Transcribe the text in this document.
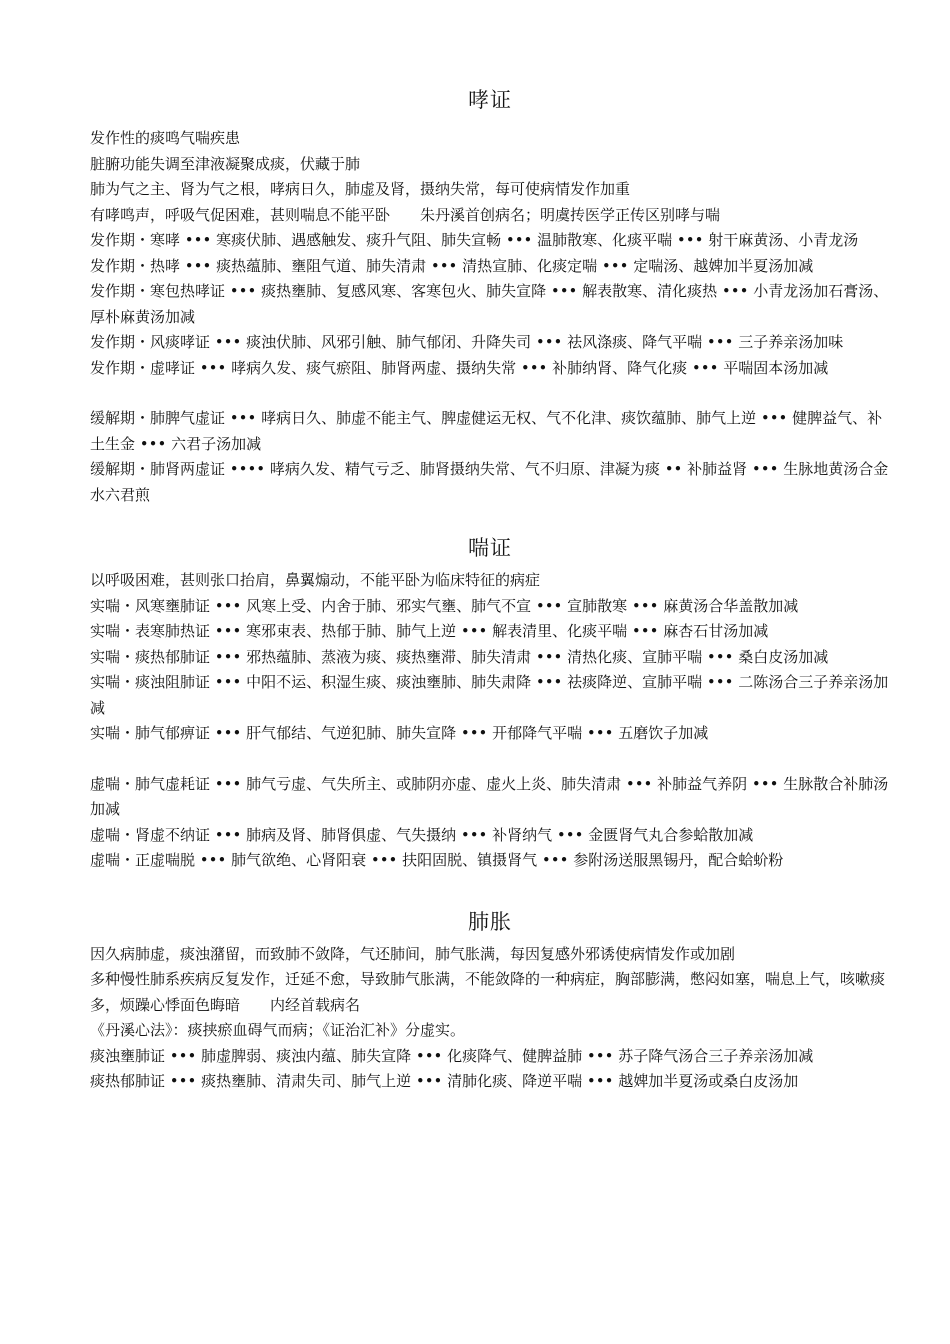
哮证

发作性的痰鸣气喘疾患

脏腑功能失调至津液凝聚成痰，伏藏于肺

肺为气之主、肾为气之根，哮病日久，肺虚及肾，摄纳失常，每可使病情发作加重

有哮鸣声，呼吸气促困难，甚则喘息不能平卧　　朱丹溪首创病名；明虞抟医学正传区别哮与喘

发作期・寒哮 ••• 寒痰伏肺、遇感触发、痰升气阻、肺失宣畅 ••• 温肺散寒、化痰平喘 ••• 射干麻黄汤、小青龙汤

发作期・热哮 ••• 痰热蕴肺、壅阻气道、肺失清肃 ••• 清热宣肺、化痰定喘 ••• 定喘汤、越婢加半夏汤加减

发作期・寒包热哮证 ••• 痰热壅肺、复感风寒、客寒包火、肺失宣降 ••• 解表散寒、清化痰热 ••• 小青龙汤加石膏汤、厚朴麻黄汤加减

发作期・风痰哮证 ••• 痰浊伏肺、风邪引触、肺气郁闭、升降失司 ••• 祛风涤痰、降气平喘 ••• 三子养亲汤加味

发作期・虚哮证 ••• 哮病久发、痰气瘀阻、肺肾两虚、摄纳失常 ••• 补肺纳肾、降气化痰 ••• 平喘固本汤加减

缓解期・肺脾气虚证 ••• 哮病日久、肺虚不能主气、脾虚健运无权、气不化津、痰饮蕴肺、肺气上逆 ••• 健脾益气、补土生金 ••• 六君子汤加减

缓解期・肺肾两虚证 •••• 哮病久发、精气亏乏、肺肾摄纳失常、气不归原、津凝为痰 •• 补肺益肾 ••• 生脉地黄汤合金水六君煎

喘证

以呼吸困难，甚则张口抬肩，鼻翼煽动，不能平卧为临床特征的病症

实喘・风寒壅肺证 ••• 风寒上受、内舍于肺、邪实气壅、肺气不宣 ••• 宣肺散寒 ••• 麻黄汤合华盖散加减

实喘・表寒肺热证 ••• 寒邪束表、热郁于肺、肺气上逆 ••• 解表清里、化痰平喘 ••• 麻杏石甘汤加减

实喘・痰热郁肺证 ••• 邪热蕴肺、蒸液为痰、痰热壅滞、肺失清肃 ••• 清热化痰、宣肺平喘 ••• 桑白皮汤加减

实喘・痰浊阻肺证 ••• 中阳不运、积湿生痰、痰浊壅肺、肺失肃降 ••• 祛痰降逆、宣肺平喘 ••• 二陈汤合三子养亲汤加减

实喘・肺气郁痹证 ••• 肝气郁结、气逆犯肺、肺失宣降 ••• 开郁降气平喘 ••• 五磨饮子加减

虚喘・肺气虚耗证 ••• 肺气亏虚、气失所主、或肺阴亦虚、虚火上炎、肺失清肃 ••• 补肺益气养阴 ••• 生脉散合补肺汤加减

虚喘・肾虚不纳证 ••• 肺病及肾、肺肾俱虚、气失摄纳 ••• 补肾纳气 ••• 金匮肾气丸合参蛤散加减

虚喘・正虚喘脱 ••• 肺气欲绝、心肾阳衰 ••• 扶阳固脱、镇摄肾气 ••• 参附汤送服黑锡丹，配合蛤蚧粉

肺胀

因久病肺虚，痰浊潴留，而致肺不敛降，气还肺间，肺气胀满，每因复感外邪诱使病情发作或加剧

多种慢性肺系疾病反复发作，迁延不愈，导致肺气胀满，不能敛降的一种病症，胸部膨满，憋闷如塞，喘息上气，咳嗽痰多，烦躁心悸面色晦暗　　内经首载病名

《丹溪心法》：痰挟瘀血碍气而病；《证治汇补》分虚实。

痰浊壅肺证 ••• 肺虚脾弱、痰浊内蕴、肺失宣降 ••• 化痰降气、健脾益肺 ••• 苏子降气汤合三子养亲汤加减

痰热郁肺证 ••• 痰热壅肺、清肃失司、肺气上逆 ••• 清肺化痰、降逆平喘 ••• 越婢加半夏汤或桑白皮汤加
